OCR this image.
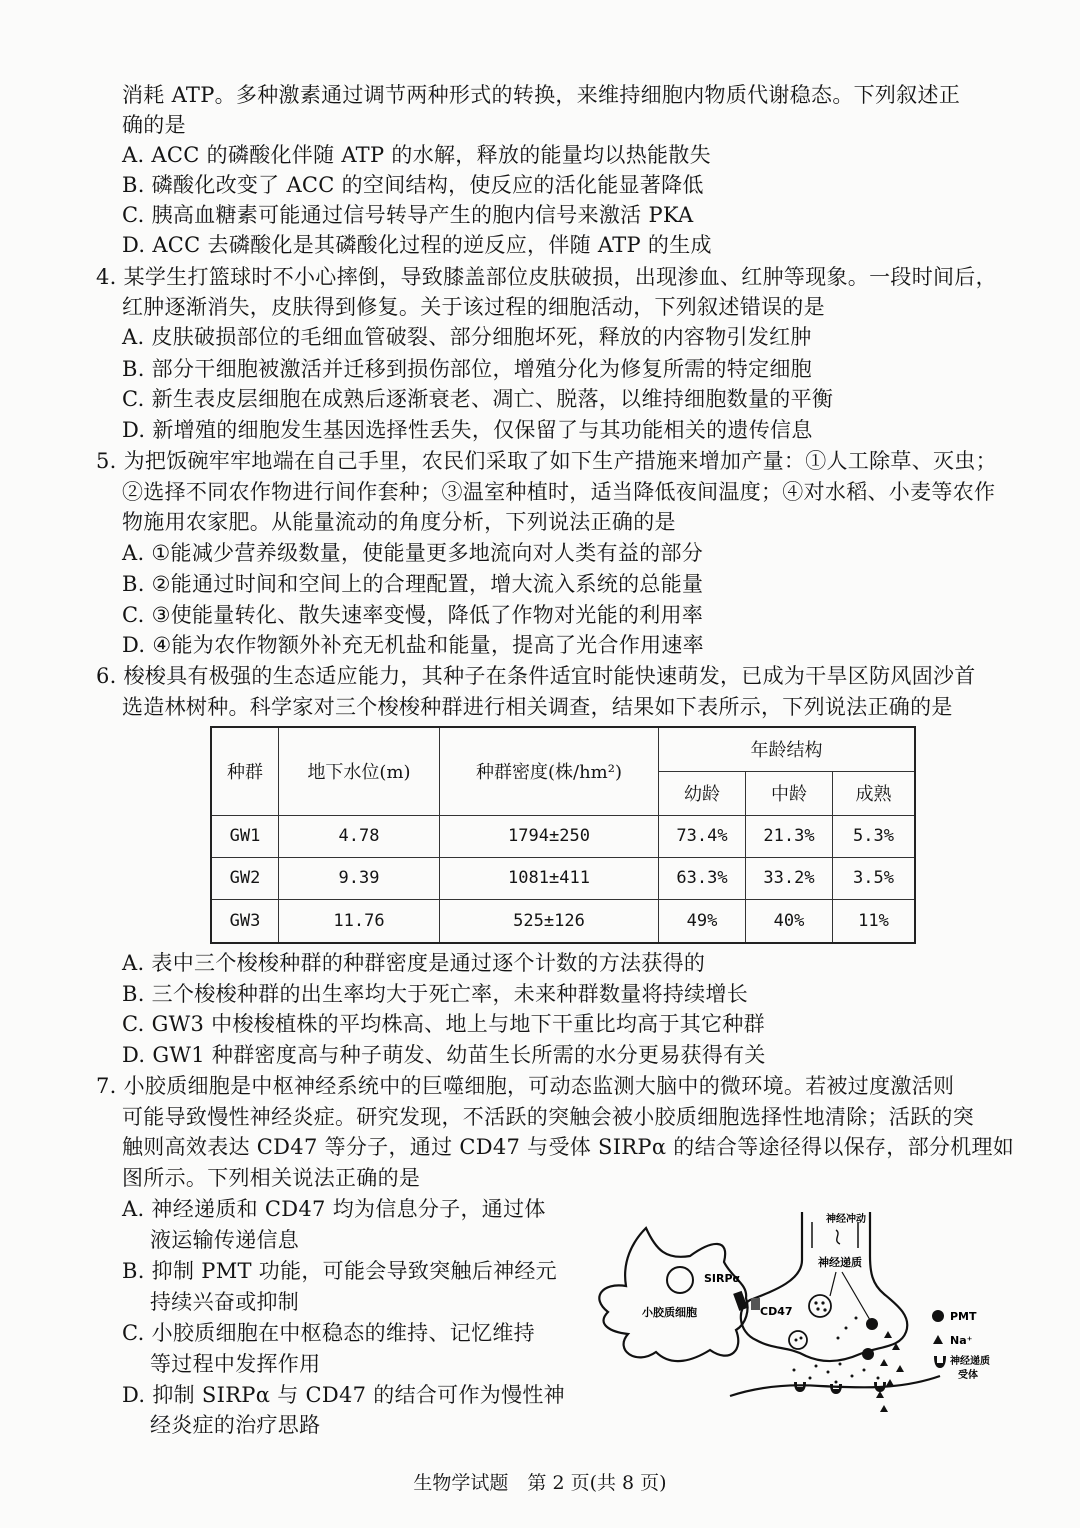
消耗 ATP。多种激素通过调节两种形式的转换，来维持细胞内物质代谢稳态。下列叙述正
确的是
A. ACC 的磷酸化伴随 ATP 的水解，释放的能量均以热能散失
B. 磷酸化改变了 ACC 的空间结构，使反应的活化能显著降低
C. 胰高血糖素可能通过信号转导产生的胞内信号来激活 PKA
D. ACC 去磷酸化是其磷酸化过程的逆反应，伴随 ATP 的生成
4. 某学生打篮球时不小心摔倒，导致膝盖部位皮肤破损，出现渗血、红肿等现象。一段时间后，
红肿逐渐消失，皮肤得到修复。关于该过程的细胞活动，下列叙述错误的是
A. 皮肤破损部位的毛细血管破裂、部分细胞坏死，释放的内容物引发红肿
B. 部分干细胞被激活并迁移到损伤部位，增殖分化为修复所需的特定细胞
C. 新生表皮层细胞在成熟后逐渐衰老、凋亡、脱落，以维持细胞数量的平衡
D. 新增殖的细胞发生基因选择性丢失，仅保留了与其功能相关的遗传信息
5. 为把饭碗牢牢地端在自己手里，农民们采取了如下生产措施来增加产量：①人工除草、灭虫；
②选择不同农作物进行间作套种；③温室种植时，适当降低夜间温度；④对水稻、小麦等农作
物施用农家肥。从能量流动的角度分析，下列说法正确的是
A. ①能减少营养级数量，使能量更多地流向对人类有益的部分
B. ②能通过时间和空间上的合理配置，增大流入系统的总能量
C. ③使能量转化、散失速率变慢，降低了作物对光能的利用率
D. ④能为农作物额外补充无机盐和能量，提高了光合作用速率
6. 梭梭具有极强的生态适应能力，其种子在条件适宜时能快速萌发，已成为干旱区防风固沙首
选造林树种。科学家对三个梭梭种群进行相关调查，结果如下表所示，下列说法正确的是
种群	地下水位(m)	种群密度(株/hm²)	年龄结构		
			幼龄	中龄	成熟
GW1	4.78	1794±250	73.4%	21.3%	5.3%
GW2	9.39	1081±411	63.3%	33.2%	3.5%
GW3	11.76	525±126	49%	40%	11%
A. 表中三个梭梭种群的种群密度是通过逐个计数的方法获得的
B. 三个梭梭种群的出生率均大于死亡率，未来种群数量将持续增长
C. GW3 中梭梭植株的平均株高、地上与地下干重比均高于其它种群
D. GW1 种群密度高与种子萌发、幼苗生长所需的水分更易获得有关
7. 小胶质细胞是中枢神经系统中的巨噬细胞，可动态监测大脑中的微环境。若被过度激活则
可能导致慢性神经炎症。研究发现，不活跃的突触会被小胶质细胞选择性地清除；活跃的突
触则高效表达 CD47 等分子，通过 CD47 与受体 SIRPα 的结合等途径得以保存，部分机理如
图所示。下列相关说法正确的是
A. 神经递质和 CD47 均为信息分子，通过体
液运输传递信息
B. 抑制 PMT 功能，可能会导致突触后神经元
持续兴奋或抑制
C. 小胶质细胞在中枢稳态的维持、记忆维持
等过程中发挥作用
D. 抑制 SIRPα 与 CD47 的结合可作为慢性神
经炎症的治疗思路
SIRPα
小胶质细胞
神经冲动
神经递质
CD47	PMT
Na⁺
神经递质
受体
生物学试题　第 2 页(共 8 页)
